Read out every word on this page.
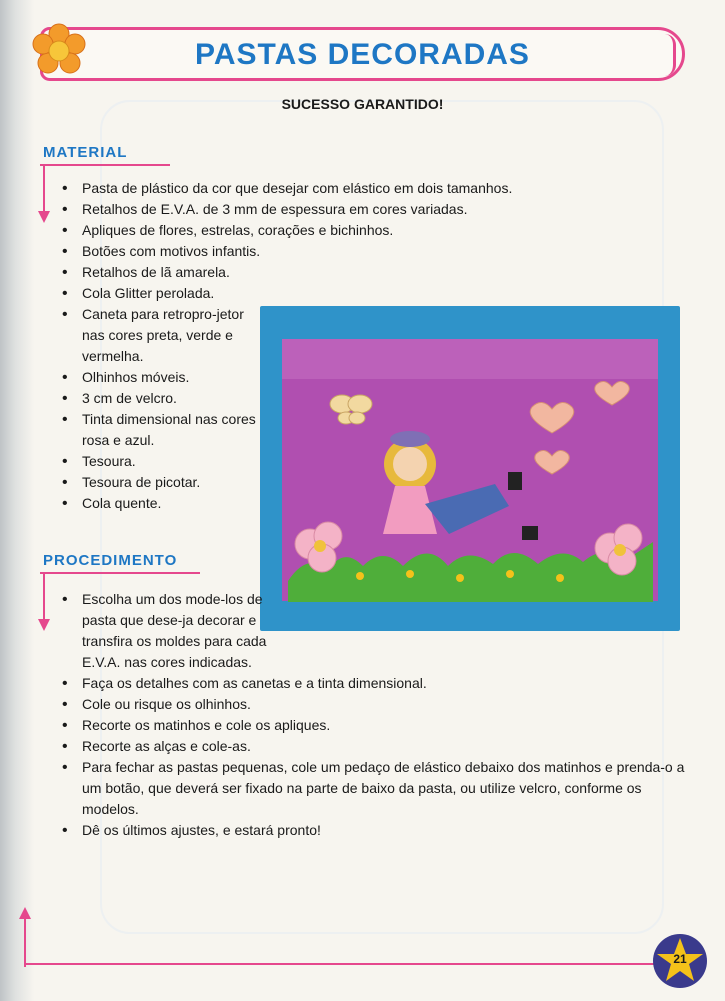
PASTAS DECORADAS
SUCESSO GARANTIDO!
MATERIAL
• Pasta de plástico da cor que desejar com elástico em dois tamanhos.
• Retalhos de E.V.A. de 3 mm de espessura em cores variadas.
• Apliques de flores, estrelas, corações e bichinhos.
• Botões com motivos infantis.
• Retalhos de lã amarela.
• Cola Glitter perolada.
• Caneta para retropro-jetor nas cores preta, verde e vermelha.
• Olhinhos móveis.
• 3 cm de velcro.
• Tinta dimensional nas cores rosa e azul.
• Tesoura.
• Tesoura de picotar.
• Cola quente.
PROCEDIMENTO
• Escolha um dos mode-los de pasta que dese-ja decorar e transfira os moldes para cada E.V.A. nas cores indicadas.
• Faça os detalhes com as canetas e a tinta dimensional.
• Cole ou risque os olhinhos.
• Recorte os matinhos e cole os apliques.
• Recorte as alças e cole-as.
• Para fechar as pastas pequenas, cole um pedaço de elástico debaixo dos matinhos e prenda-o a um botão, que deverá ser fixado na parte de baixo da pasta, ou utilize velcro, conforme os modelos.
• Dê os últimos ajustes, e estará pronto!
21
